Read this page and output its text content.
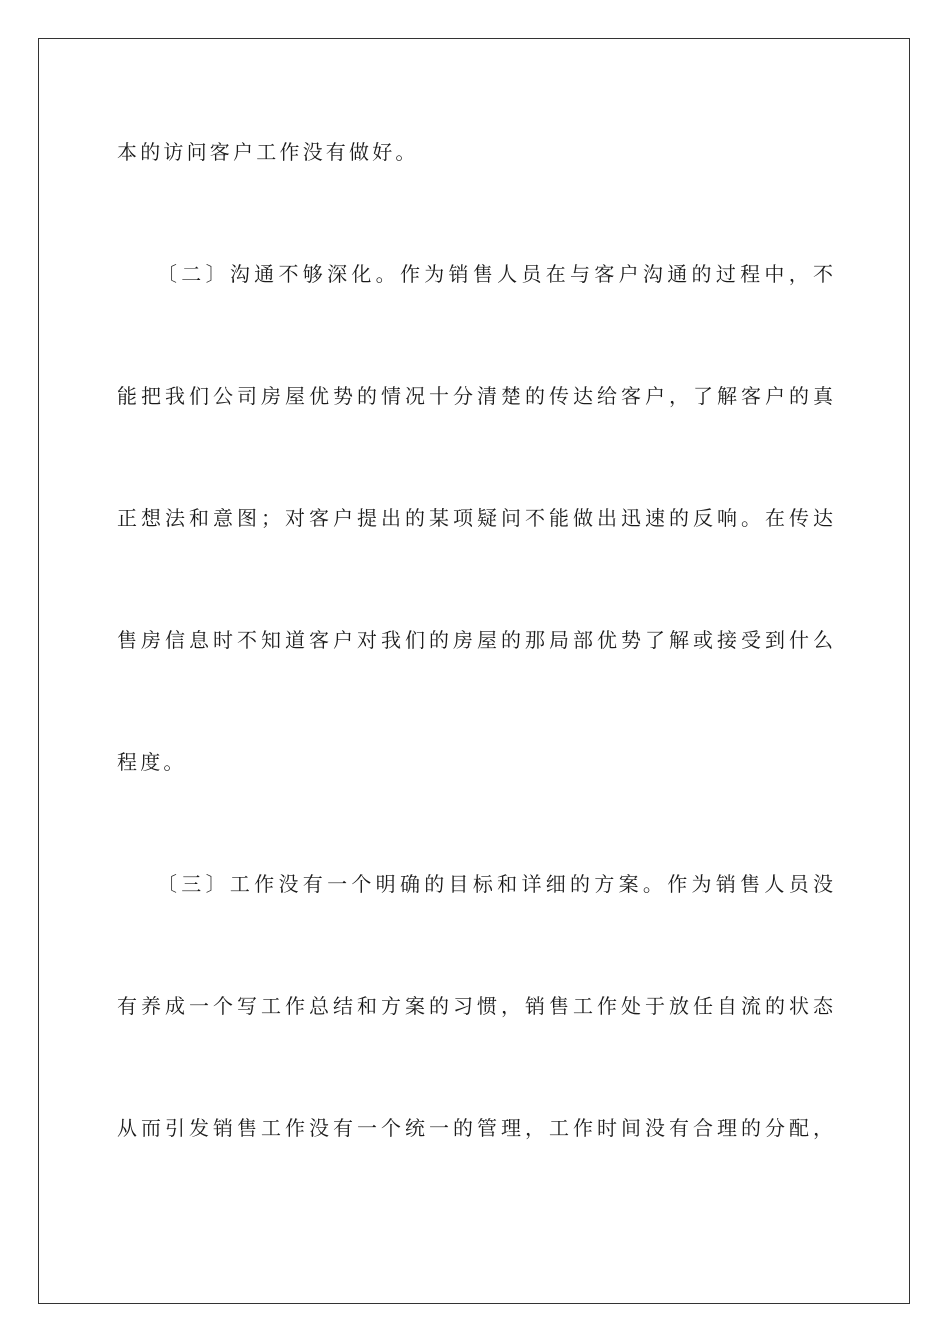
本的访问客户工作没有做好。

〔二〕沟通不够深化。作为销售人员在与客户沟通的过程中，不

能把我们公司房屋优势的情况十分清楚的传达给客户，了解客户的真

正想法和意图；对客户提出的某项疑问不能做出迅速的反响。在传达

售房信息时不知道客户对我们的房屋的那局部优势了解或接受到什么

程度。

〔三〕工作没有一个明确的目标和详细的方案。作为销售人员没

有养成一个写工作总结和方案的习惯，销售工作处于放任自流的状态

从而引发销售工作没有一个统一的管理，工作时间没有合理的分配，
